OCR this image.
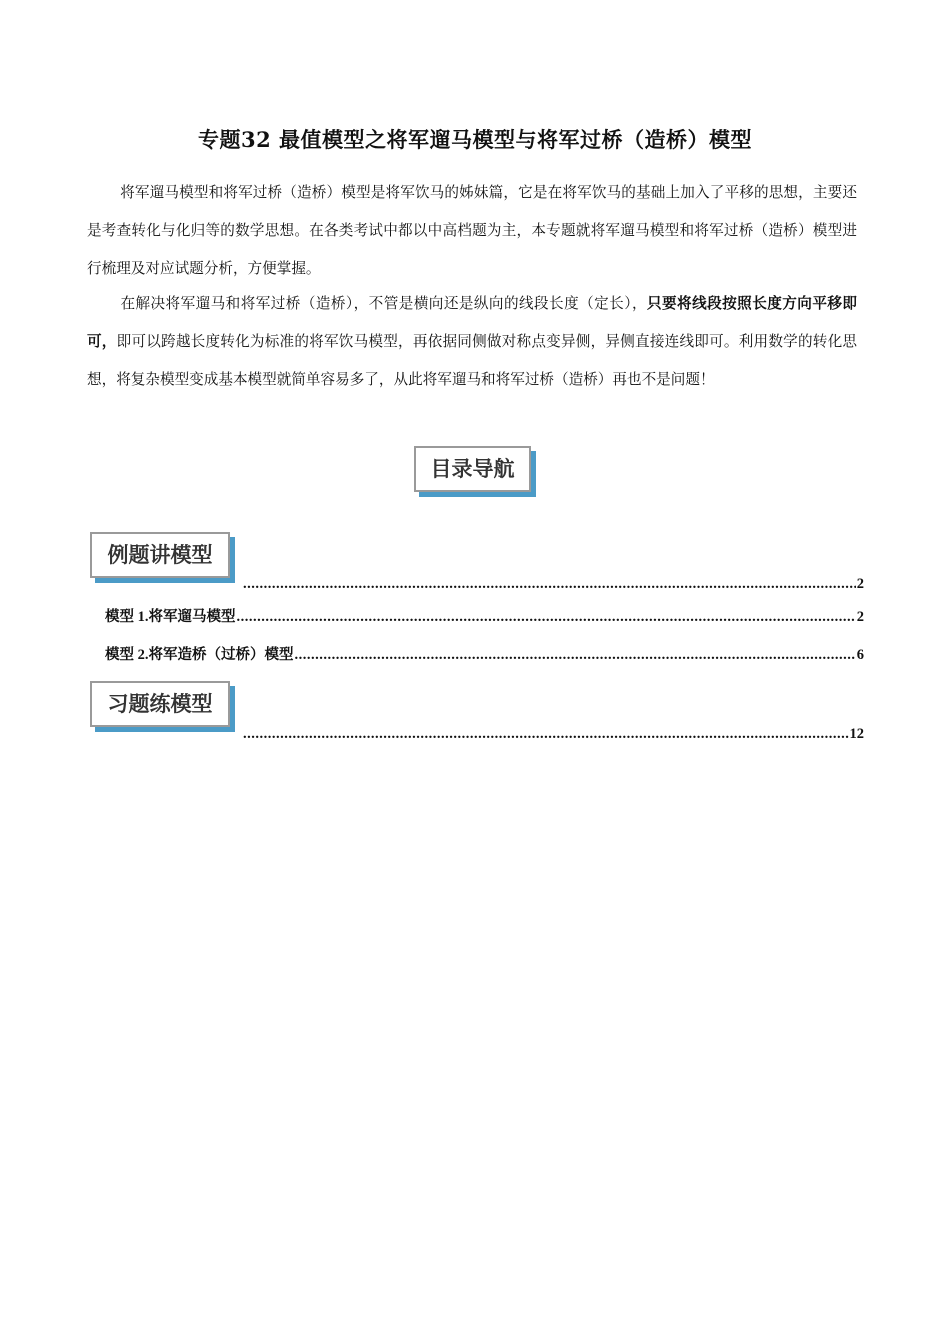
专题32 最值模型之将军遛马模型与将军过桥（造桥）模型
将军遛马模型和将军过桥（造桥）模型是将军饮马的姊妹篇，它是在将军饮马的基础上加入了平移的思想，主要还是考查转化与化归等的数学思想。在各类考试中都以中高档题为主，本专题就将军遛马模型和将军过桥（造桥）模型进行梳理及对应试题分析，方便掌握。
在解决将军遛马和将军过桥（造桥），不管是横向还是纵向的线段长度（定长），只要将线段按照长度方向平移即可，即可以跨越长度转化为标准的将军饮马模型，再依据同侧做对称点变异侧，异侧直接连线即可。利用数学的转化思想，将复杂模型变成基本模型就简单容易多了，从此将军遛马和将军过桥（造桥）再也不是问题！
目录导航
例题讲模型
.....
2
模型 1.将军遛马模型 .....	2
模型 2.将军造桥（过桥）模型 .....	6
习题练模型
.....
12
